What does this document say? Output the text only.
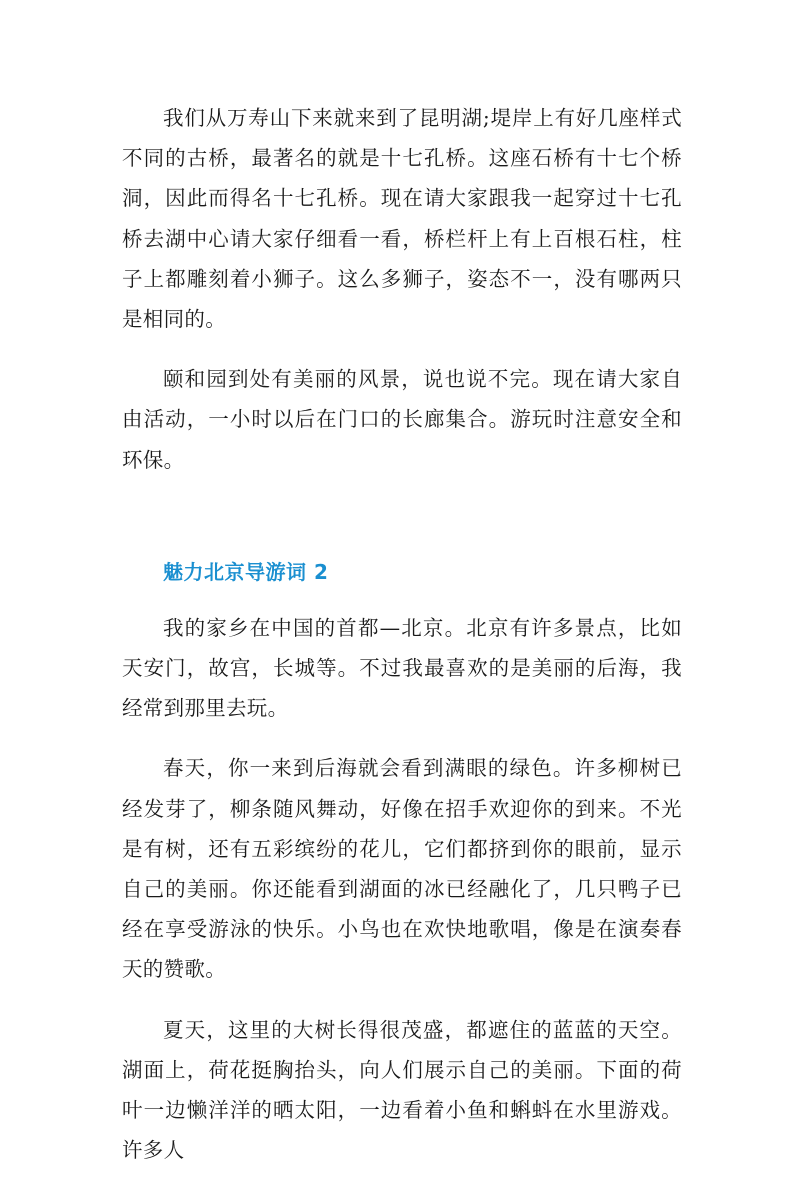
我们从万寿山下来就来到了昆明湖;堤岸上有好几座样式不同的古桥，最著名的就是十七孔桥。这座石桥有十七个桥洞，因此而得名十七孔桥。现在请大家跟我一起穿过十七孔桥去湖中心请大家仔细看一看，桥栏杆上有上百根石柱，柱子上都雕刻着小狮子。这么多狮子，姿态不一，没有哪两只是相同的。

颐和园到处有美丽的风景，说也说不完。现在请大家自由活动，一小时以后在门口的长廊集合。游玩时注意安全和环保。

魅力北京导游词 2

我的家乡在中国的首都—北京。北京有许多景点，比如天安门，故宫，长城等。不过我最喜欢的是美丽的后海，我经常到那里去玩。

春天，你一来到后海就会看到满眼的绿色。许多柳树已经发芽了，柳条随风舞动，好像在招手欢迎你的到来。不光是有树，还有五彩缤纷的花儿，它们都挤到你的眼前，显示自己的美丽。你还能看到湖面的冰已经融化了，几只鸭子已经在享受游泳的快乐。小鸟也在欢快地歌唱，像是在演奏春天的赞歌。

夏天，这里的大树长得很茂盛，都遮住的蓝蓝的天空。湖面上，荷花挺胸抬头，向人们展示自己的美丽。下面的荷叶一边懒洋洋的晒太阳，一边看着小鱼和蝌蚪在水里游戏。许多人
